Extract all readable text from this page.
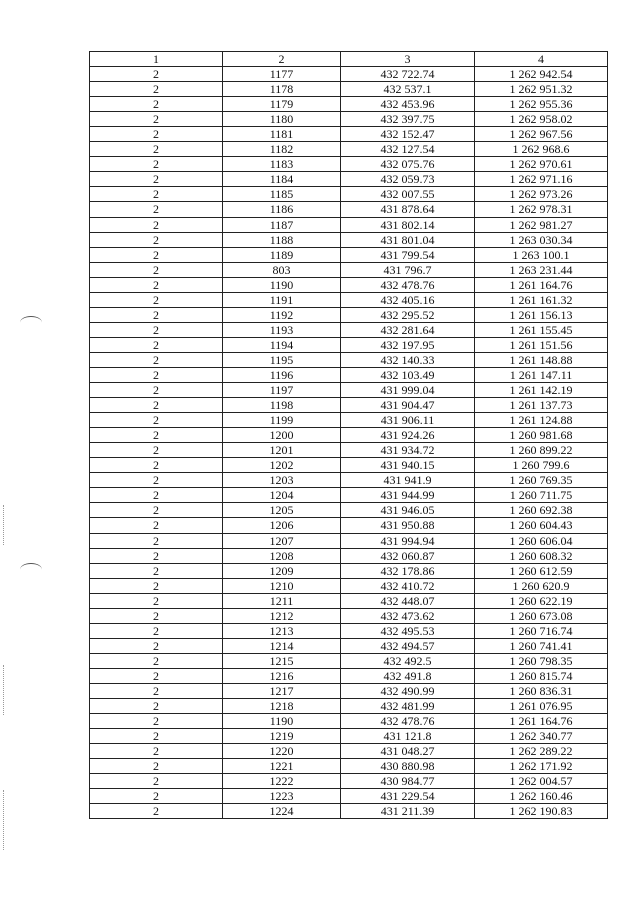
1	2	3	4
2	1177	432 722.74	1 262 942.54
2	1178	432 537.1	1 262 951.32
2	1179	432 453.96	1 262 955.36
2	1180	432 397.75	1 262 958.02
2	1181	432 152.47	1 262 967.56
2	1182	432 127.54	1 262 968.6
2	1183	432 075.76	1 262 970.61
2	1184	432 059.73	1 262 971.16
2	1185	432 007.55	1 262 973.26
2	1186	431 878.64	1 262 978.31
2	1187	431 802.14	1 262 981.27
2	1188	431 801.04	1 263 030.34
2	1189	431 799.54	1 263 100.1
2	803	431 796.7	1 263 231.44
2	1190	432 478.76	1 261 164.76
2	1191	432 405.16	1 261 161.32
2	1192	432 295.52	1 261 156.13
2	1193	432 281.64	1 261 155.45
2	1194	432 197.95	1 261 151.56
2	1195	432 140.33	1 261 148.88
2	1196	432 103.49	1 261 147.11
2	1197	431 999.04	1 261 142.19
2	1198	431 904.47	1 261 137.73
2	1199	431 906.11	1 261 124.88
2	1200	431 924.26	1 260 981.68
2	1201	431 934.72	1 260 899.22
2	1202	431 940.15	1 260 799.6
2	1203	431 941.9	1 260 769.35
2	1204	431 944.99	1 260 711.75
2	1205	431 946.05	1 260 692.38
2	1206	431 950.88	1 260 604.43
2	1207	431 994.94	1 260 606.04
2	1208	432 060.87	1 260 608.32
2	1209	432 178.86	1 260 612.59
2	1210	432 410.72	1 260 620.9
2	1211	432 448.07	1 260 622.19
2	1212	432 473.62	1 260 673.08
2	1213	432 495.53	1 260 716.74
2	1214	432 494.57	1 260 741.41
2	1215	432 492.5	1 260 798.35
2	1216	432 491.8	1 260 815.74
2	1217	432 490.99	1 260 836.31
2	1218	432 481.99	1 261 076.95
2	1190	432 478.76	1 261 164.76
2	1219	431 121.8	1 262 340.77
2	1220	431 048.27	1 262 289.22
2	1221	430 880.98	1 262 171.92
2	1222	430 984.77	1 262 004.57
2	1223	431 229.54	1 262 160.46
2	1224	431 211.39	1 262 190.83
